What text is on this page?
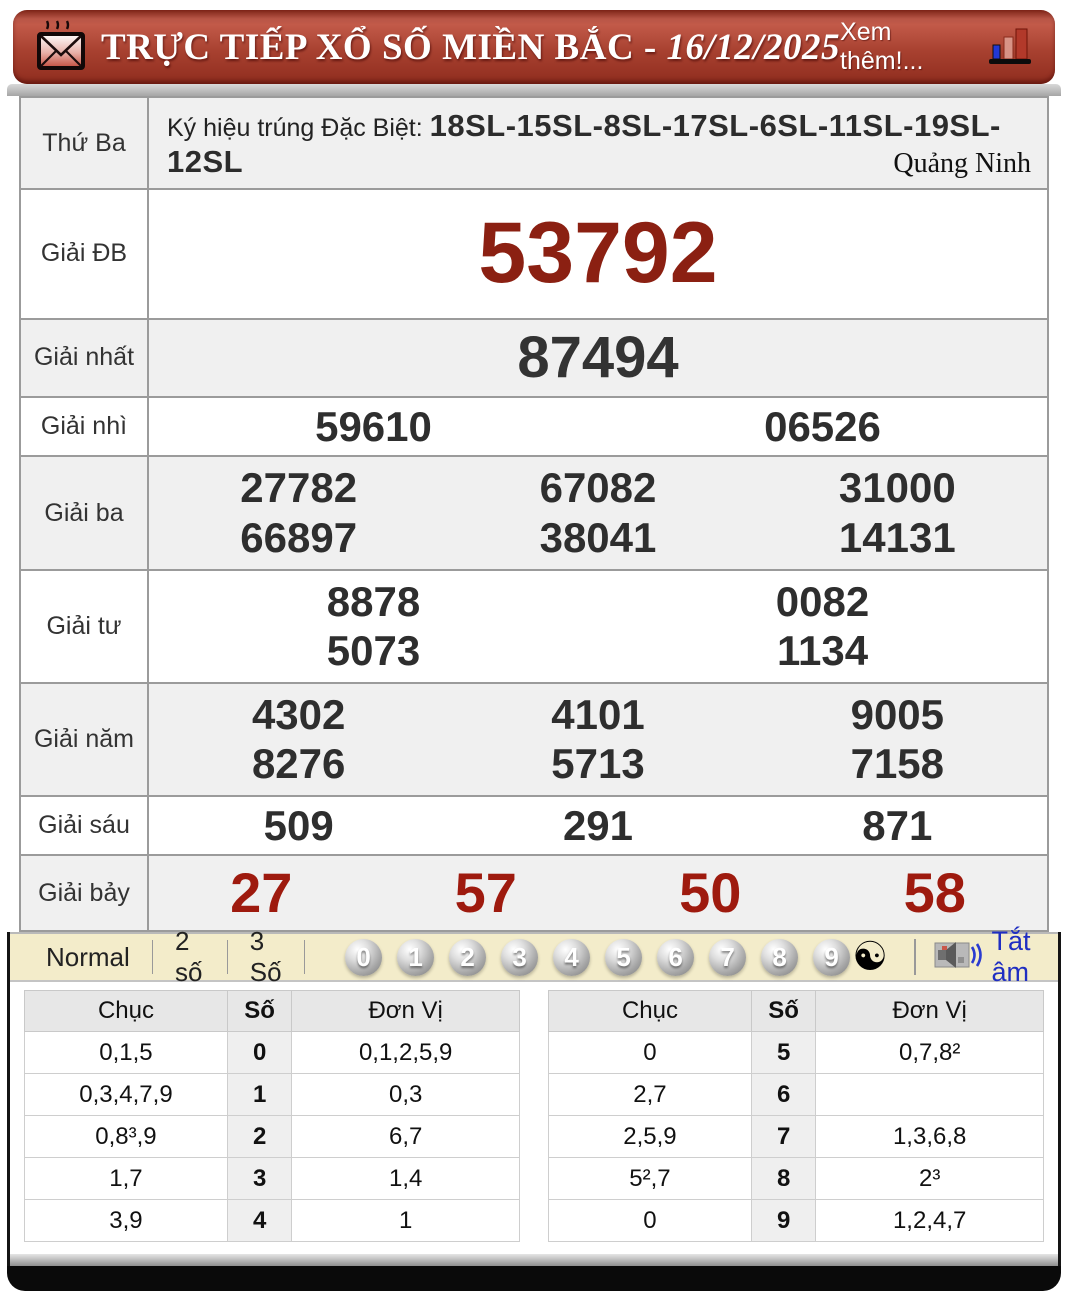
TRỰC TIẾP XỔ SỐ MIỀN BẮC - 16/12/2025 Xem thêm!...
Thứ Ba
Ký hiệu trúng Đặc Biệt: 18SL-15SL-8SL-17SL-6SL-11SL-19SL-12SL	Quảng Ninh
Giải ĐB	53792
Giải nhất	87494
Giải nhì	59610	06526
Giải ba
27782	67082	31000
66897	38041	14131
Giải tư
8878	0082
5073	1134
Giải năm
4302	4101	9005
8276	5713	7158
Giải sáu	509	291	871
Giải bảy	27	57	50	58
Normal
2 số
3 Số
0	1	2	3	4	5	6	7	8	9 ☯	Tắt âm
Chục	Số	Đơn Vị
0,1,5	0	0,1,2,5,9
0,3,4,7,9	1	0,3
0,8³,9	2	6,7
1,7	3	1,4
3,9	4	1
Chục	Số	Đơn Vị
0	5	0,7,8²
2,7	6	
2,5,9	7	1,3,6,8
5²,7	8	2³
0	9	1,2,4,7
